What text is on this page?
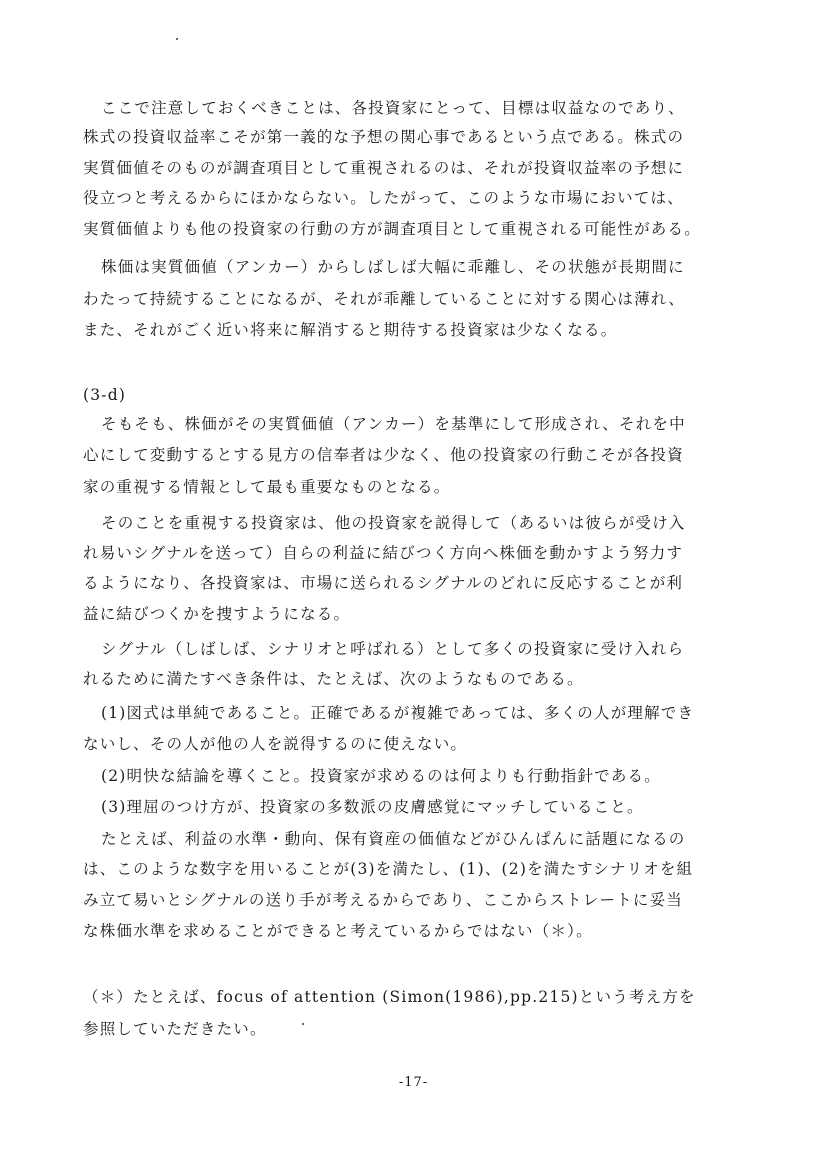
ここで注意しておくべきことは、各投資家にとって、目標は収益なのであり、
株式の投資収益率こそが第一義的な予想の関心事であるという点である。株式の
実質価値そのものが調査項目として重視されるのは、それが投資収益率の予想に
役立つと考えるからにほかならない。したがって、このような市場においては、
実質価値よりも他の投資家の行動の方が調査項目として重視される可能性がある。
株価は実質価値（アンカー）からしばしば大幅に乖離し、その状態が長期間に
わたって持続することになるが、それが乖離していることに対する関心は薄れ、
また、それがごく近い将来に解消すると期待する投資家は少なくなる。
(3-d)
そもそも、株価がその実質価値（アンカー）を基準にして形成され、それを中
心にして変動するとする見方の信奉者は少なく、他の投資家の行動こそが各投資
家の重視する情報として最も重要なものとなる。
そのことを重視する投資家は、他の投資家を説得して（あるいは彼らが受け入
れ易いシグナルを送って）自らの利益に結びつく方向へ株価を動かすよう努力す
るようになり、各投資家は、市場に送られるシグナルのどれに反応することが利
益に結びつくかを捜すようになる。
シグナル（しばしば、シナリオと呼ばれる）として多くの投資家に受け入れら
れるために満たすべき条件は、たとえば、次のようなものである。
(1)図式は単純であること。正確であるが複雑であっては、多くの人が理解でき
ないし、その人が他の人を説得するのに使えない。
(2)明快な結論を導くこと。投資家が求めるのは何よりも行動指針である。
(3)理屈のつけ方が、投資家の多数派の皮膚感覚にマッチしていること。
たとえば、利益の水準・動向、保有資産の価値などがひんぱんに話題になるの
は、このような数字を用いることが(3)を満たし、(1)、(2)を満たすシナリオを組
み立て易いとシグナルの送り手が考えるからであり、ここからストレートに妥当
な株価水準を求めることができると考えているからではない（＊）。
（＊）たとえば、focus of attention (Simon(1986),pp.215)という考え方を
参照していただきたい。
-17-
